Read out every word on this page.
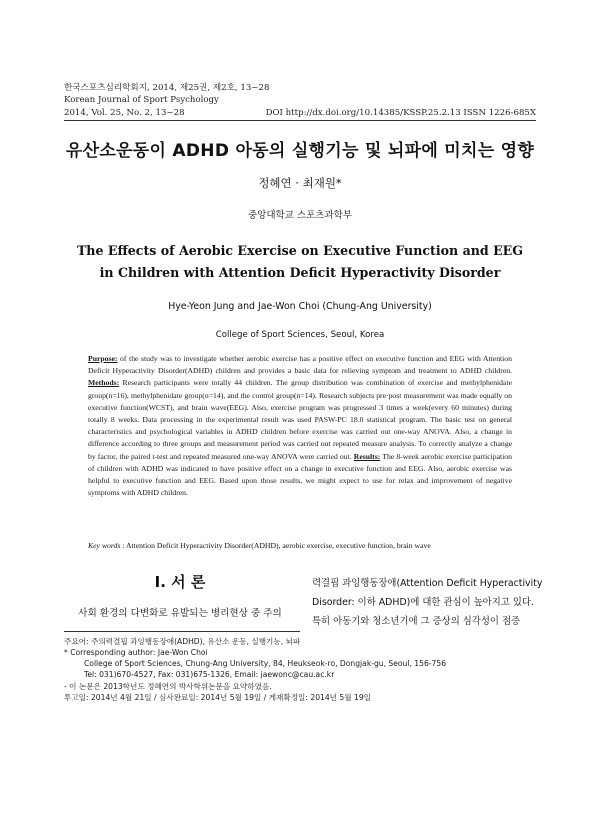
한국스포츠심리학회지, 2014, 제25권, 제2호, 13~28
Korean Journal of Sport Psychology
2014, Vol. 25, No. 2, 13~28	DOI http://dx.doi.org/10.14385/KSSP.25.2.13 ISSN 1226-685X
유산소운동이 ADHD 아동의 실행기능 및 뇌파에 미치는 영향
정혜연 · 최재원*
중앙대학교 스포츠과학부
The Effects of Aerobic Exercise on Executive Function and EEG
in Children with Attention Deficit Hyperactivity Disorder
Hye-Yeon Jung and Jae-Won Choi (Chung-Ang University)
College of Sport Sciences, Seoul, Korea
Purpose: of the study was to investigate whether aerobic exercise has a positive effect on executive function and EEG with Attention Deficit Hyperactivity Disorder(ADHD) children and provides a basic data for relieving symptom and treatment to ADHD children. Methods: Research participants were totally 44 children. The group distribution was combination of exercise and methylphenidate group(n=16), methylphenidate group(n=14), and the control group(n=14). Research subjects pre·post measurement was made equally on executive function(WCST), and brain wave(EEG). Also, exercise program was progressed 3 times a week(every 60 minutes) during totally 8 weeks. Data processing in the experimental result was used PASW-PC 18.0 statistical program. The basic test on general characteristics and psychological variables in ADHD children before exercise was carried out one-way ANOVA. Also, a change in difference according to three groups and measurement period was carried out repeated measure analysis. To correctly analyze a change by factor, the paired t-test and repeated measured one-way ANOVA were carried out. Results: The 8-week aerobic exercise participation of children with ADHD was indicated to have positive effect on a change in executive function and EEG. Also, aerobic exercise was helpful to executive function and EEG. Based upon those results, we might expect to use for relax and improvement of negative symptoms with ADHD children.
Key words : Attention Deficit Hyperactivity Disorder(ADHD), aerobic exercise, executive function, brain wave
I. 서 론
사회 환경의 다변화로 유발되는 병리현상 중 주의
력결핍 과잉행동장애(Attention Deficit Hyperactivity
Disorder: 이하 ADHD)에 대한 관심이 높아지고 있다.
특히 아동기와 청소년기에 그 증상의 심각성이 점증
주요어: 주의력결핍 과잉행동장애(ADHD), 유산소 운동, 실행기능, 뇌파
* Corresponding author: Jae-Won Choi
College of Sport Sciences, Chung-Ang University, 84, Heukseok-ro, Dongjak-gu, Seoul, 156-756
Tel: 031)670-4527, Fax: 031)675-1326, Email: jaewonc@cau.ac.kr
- 이 논문은 2013학년도 정혜연의 박사학위논문을 요약하였음.
투고일: 2014년 4월 21일 / 심사완료일: 2014년 5월 19일 / 게재확정일: 2014년 5월 19일
